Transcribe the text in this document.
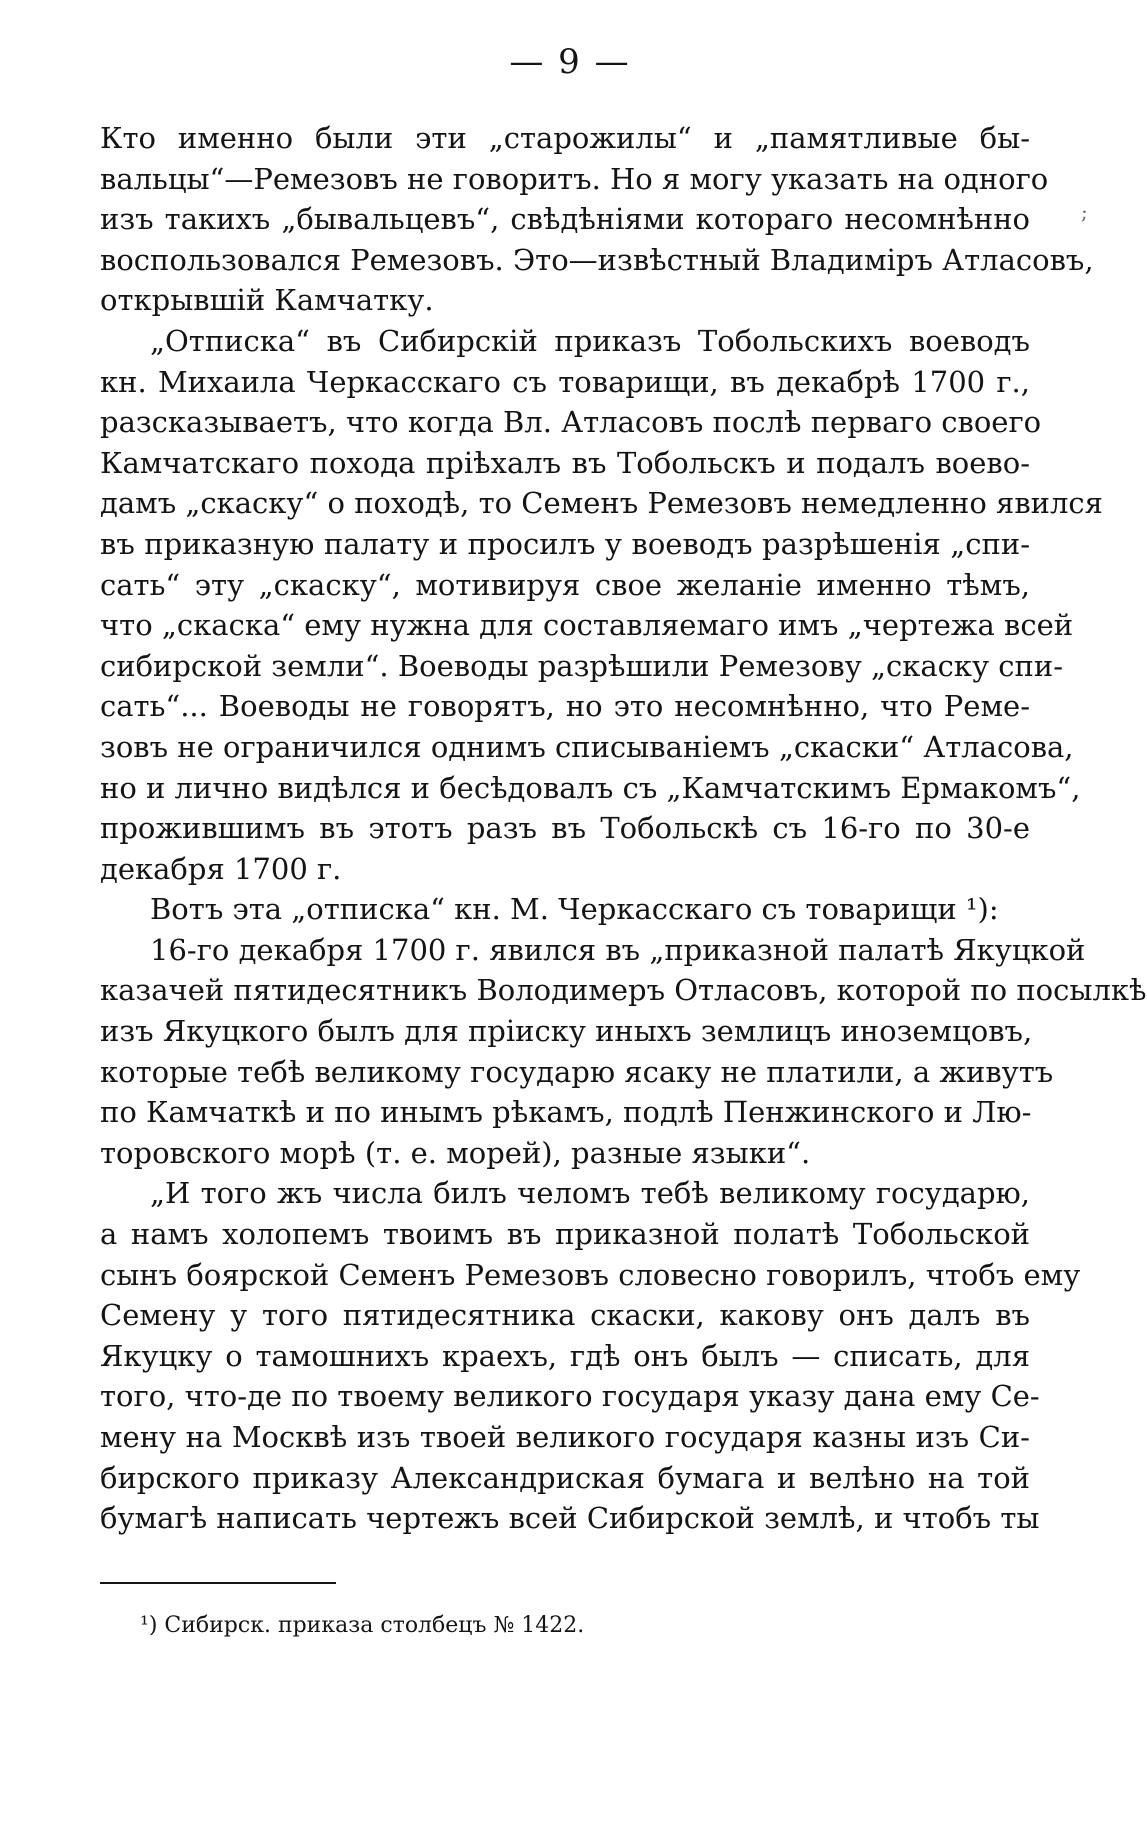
— 9 —
;
Кто именно были эти „старожилы“ и „памятливые бы-
вальцы“—Ремезовъ не говоритъ. Но я могу указать на одного
изъ такихъ „бывальцевъ“, свѣдѣніями котораго несомнѣнно
воспользовался Ремезовъ. Это—извѣстный Владиміръ Атласовъ,
открывшій Камчатку.
„Отписка“ въ Сибирскій приказъ Тобольскихъ воеводъ
кн. Михаила Черкасскаго съ товарищи, въ декабрѣ 1700 г.,
разсказываетъ, что когда Вл. Атласовъ послѣ перваго своего
Камчатскаго похода пріѣхалъ въ Тобольскъ и подалъ воево-
дамъ „скаску“ о походѣ, то Семенъ Ремезовъ немедленно явился
въ приказную палату и просилъ у воеводъ разрѣшенія „спи-
сать“ эту „скаску“, мотивируя свое желаніе именно тѣмъ,
что „скаска“ ему нужна для составляемаго имъ „чертежа всей
сибирской земли“. Воеводы разрѣшили Ремезову „скаску спи-
сать“... Воеводы не говорятъ, но это несомнѣнно, что Реме-
зовъ не ограничился однимъ списываніемъ „скаски“ Атласова,
но и лично видѣлся и бесѣдовалъ съ „Камчатскимъ Ермакомъ“,
прожившимъ въ этотъ разъ въ Тобольскѣ съ 16-го по 30-е
декабря 1700 г.
Вотъ эта „отписка“ кн. М. Черкасскаго съ товарищи ¹):
16-го декабря 1700 г. явился въ „приказной палатѣ Якуцкой
казачей пятидесятникъ Володимеръ Отласовъ, которой по посылкѣ
изъ Якуцкого былъ для пріиску иныхъ землицъ иноземцовъ,
которые тебѣ великому государю ясаку не платили, а живутъ
по Камчаткѣ и по инымъ рѣкамъ, подлѣ Пенжинского и Лю-
торовского морѣ (т. е. морей), разные языки“.
„И того жъ числа билъ челомъ тебѣ великому государю,
а намъ холопемъ твоимъ въ приказной полатѣ Тобольской
сынъ боярской Семенъ Ремезовъ словесно говорилъ, чтобъ ему
Семену у того пятидесятника скаски, какову онъ далъ въ
Якуцку о тамошнихъ краехъ, гдѣ онъ былъ — списать, для
того, что-де по твоему великого государя указу дана ему Се-
мену на Москвѣ изъ твоей великого государя казны изъ Си-
бирского приказу Александриская бумага и велѣно на той
бумагѣ написать чертежъ всей Сибирской землѣ, и чтобъ ты
¹) Сибирск. приказа столбецъ № 1422.
